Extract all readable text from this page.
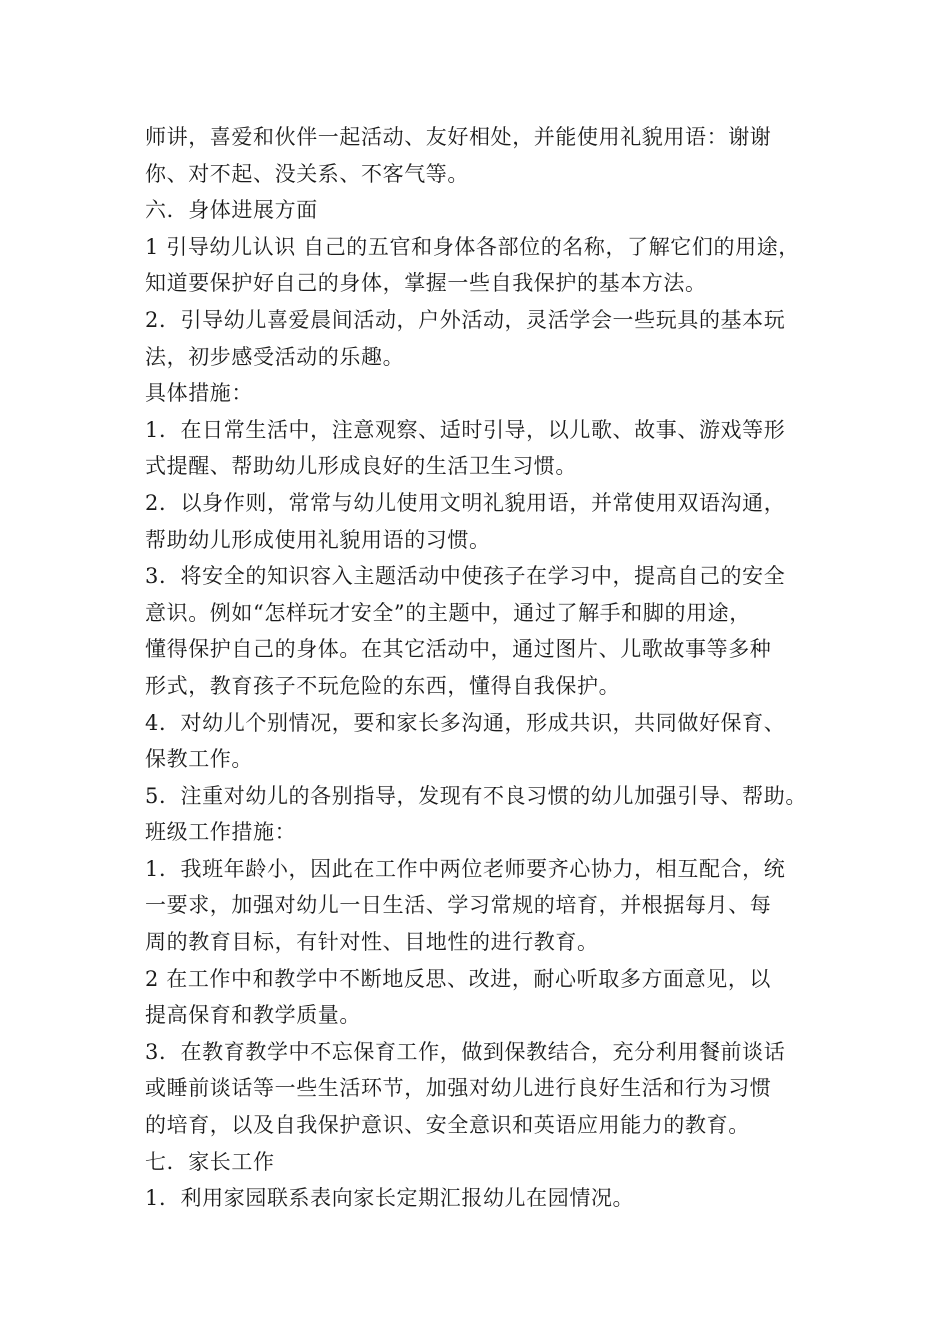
师讲，喜爱和伙伴一起活动、友好相处，并能使用礼貌用语：谢谢
你、对不起、没关系、不客气等。
六．身体进展方面
1 引导幼儿认识 自己的五官和身体各部位的名称，了解它们的用途，
知道要保护好自己的身体，掌握一些自我保护的基本方法。
2．引导幼儿喜爱晨间活动，户外活动，灵活学会一些玩具的基本玩
法，初步感受活动的乐趣。
具体措施：
1．在日常生活中，注意观察、适时引导，以儿歌、故事、游戏等形
式提醒、帮助幼儿形成良好的生活卫生习惯。
2．以身作则，常常与幼儿使用文明礼貌用语，并常使用双语沟通，
帮助幼儿形成使用礼貌用语的习惯。
3．将安全的知识容入主题活动中使孩子在学习中，提高自己的安全
意识。例如“怎样玩才安全”的主题中，通过了解手和脚的用途，
懂得保护自己的身体。在其它活动中，通过图片、儿歌故事等多种
形式，教育孩子不玩危险的东西，懂得自我保护。
4．对幼儿个别情况，要和家长多沟通，形成共识，共同做好保育、
保教工作。
5．注重对幼儿的各别指导，发现有不良习惯的幼儿加强引导、帮助。
班级工作措施：
1．我班年龄小，因此在工作中两位老师要齐心协力，相互配合，统
一要求，加强对幼儿一日生活、学习常规的培育，并根据每月、每
周的教育目标，有针对性、目地性的进行教育。
2 在工作中和教学中不断地反思、改进，耐心听取多方面意见，以
提高保育和教学质量。
3．在教育教学中不忘保育工作，做到保教结合，充分利用餐前谈话
或睡前谈话等一些生活环节，加强对幼儿进行良好生活和行为习惯
的培育，以及自我保护意识、安全意识和英语应用能力的教育。
七．家长工作
1．利用家园联系表向家长定期汇报幼儿在园情况。
